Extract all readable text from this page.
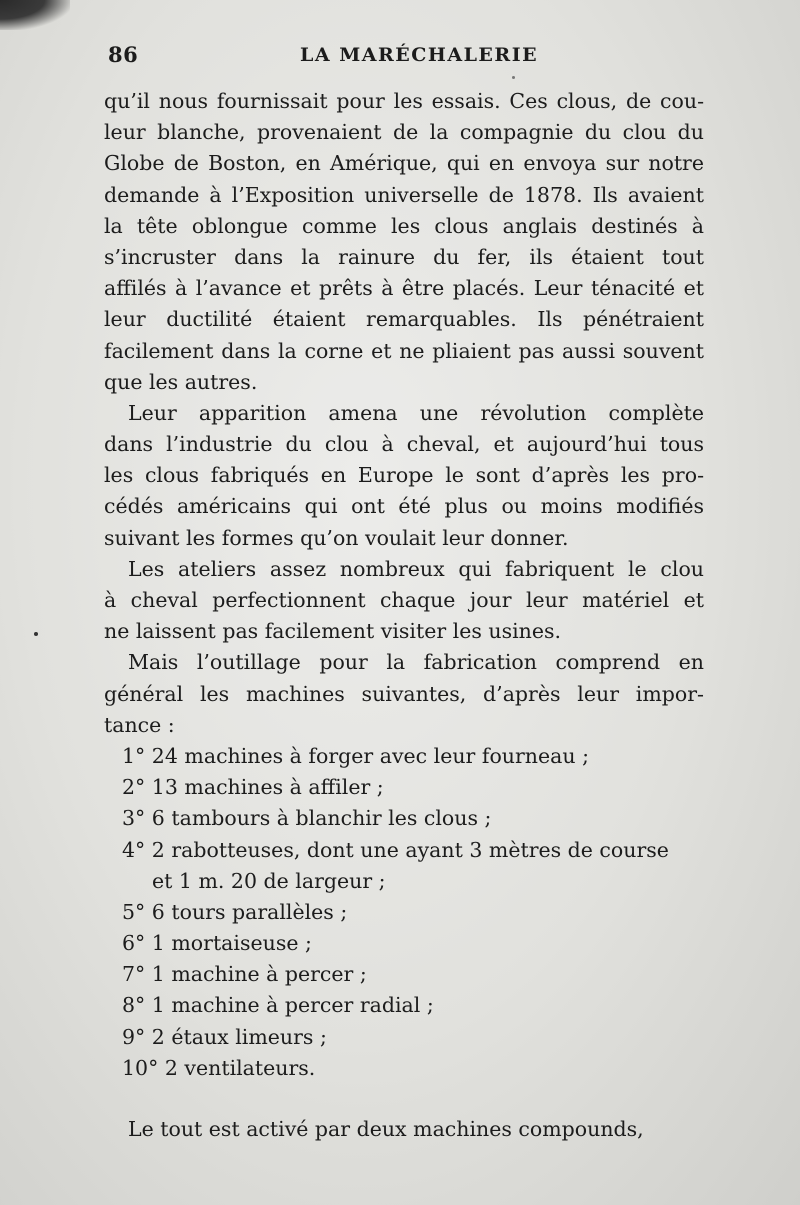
86	LA MARÉCHALERIE
qu’il nous fournissait pour les essais. Ces clous, de cou-
leur blanche, provenaient de la compagnie du clou du
Globe de Boston, en Amérique, qui en envoya sur notre
demande à l’Exposition universelle de 1878. Ils avaient
la tête oblongue comme les clous anglais destinés à
s’incruster dans la rainure du fer, ils étaient tout
affilés à l’avance et prêts à être placés. Leur ténacité et
leur ductilité étaient remarquables. Ils pénétraient
facilement dans la corne et ne pliaient pas aussi souvent
que les autres.
Leur apparition amena une révolution complète
dans l’industrie du clou à cheval, et aujourd’hui tous
les clous fabriqués en Europe le sont d’après les pro-
cédés américains qui ont été plus ou moins modifiés
suivant les formes qu’on voulait leur donner.
Les ateliers assez nombreux qui fabriquent le clou
à cheval perfectionnent chaque jour leur matériel et
ne laissent pas facilement visiter les usines.
Mais l’outillage pour la fabrication comprend en
général les machines suivantes, d’après leur impor-
tance :
1° 24 machines à forger avec leur fourneau ;
2° 13 machines à affiler ;
3° 6 tambours à blanchir les clous ;
4° 2 rabotteuses, dont une ayant 3 mètres de course
et 1 m. 20 de largeur ;
5° 6 tours parallèles ;
6° 1 mortaiseuse ;
7° 1 machine à percer ;
8° 1 machine à percer radial ;
9° 2 étaux limeurs ;
10° 2 ventilateurs.
Le tout est activé par deux machines compounds,
